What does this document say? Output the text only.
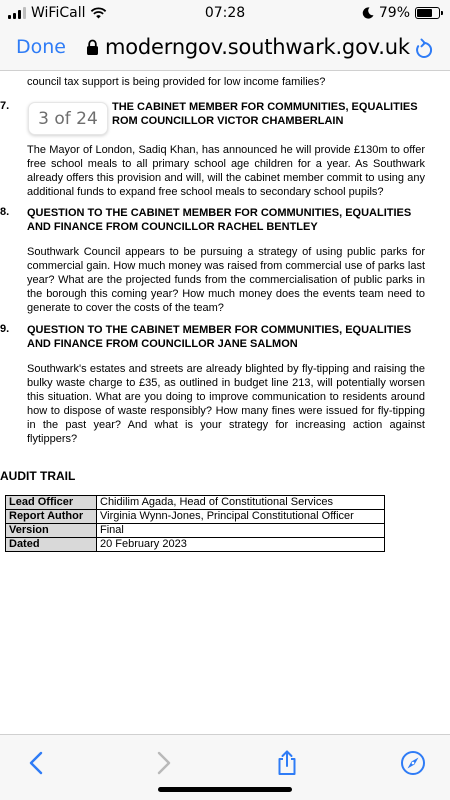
WiFiCall	07:28	79%
Done moderngov.southwark.gov.uk
council tax support is being provided for low income families?
7.	THE CABINET MEMBER FOR COMMUNITIES, EQUALITIES
ROM COUNCILLOR VICTOR CHAMBERLAIN
The Mayor of London, Sadiq Khan, has announced he will provide £130m to offer free school meals to all primary school age children for a year. As Southwark already offers this provision and will, will the cabinet member commit to using any additional funds to expand free school meals to secondary school pupils?
8. QUESTION TO THE CABINET MEMBER FOR COMMUNITIES, EQUALITIES AND FINANCE FROM COUNCILLOR RACHEL BENTLEY
Southwark Council appears to be pursuing a strategy of using public parks for commercial gain. How much money was raised from commercial use of parks last year? What are the projected funds from the commercialisation of public parks in the borough this coming year? How much money does the events team need to generate to cover the costs of the team?
9. QUESTION TO THE CABINET MEMBER FOR COMMUNITIES, EQUALITIES AND FINANCE FROM COUNCILLOR JANE SALMON
Southwark's estates and streets are already blighted by fly-tipping and raising the bulky waste charge to £35, as outlined in budget line 213, will potentially worsen this situation. What are you doing to improve communication to residents around how to dispose of waste responsibly? How many fines were issued for fly-tipping in the past year? And what is your strategy for increasing action against flytippers?
AUDIT TRAIL
Lead Officer	Chidilim Agada, Head of Constitutional Services
Report Author	Virginia Wynn-Jones, Principal Constitutional Officer
Version	Final
Dated	20 February 2023
3 of 24
